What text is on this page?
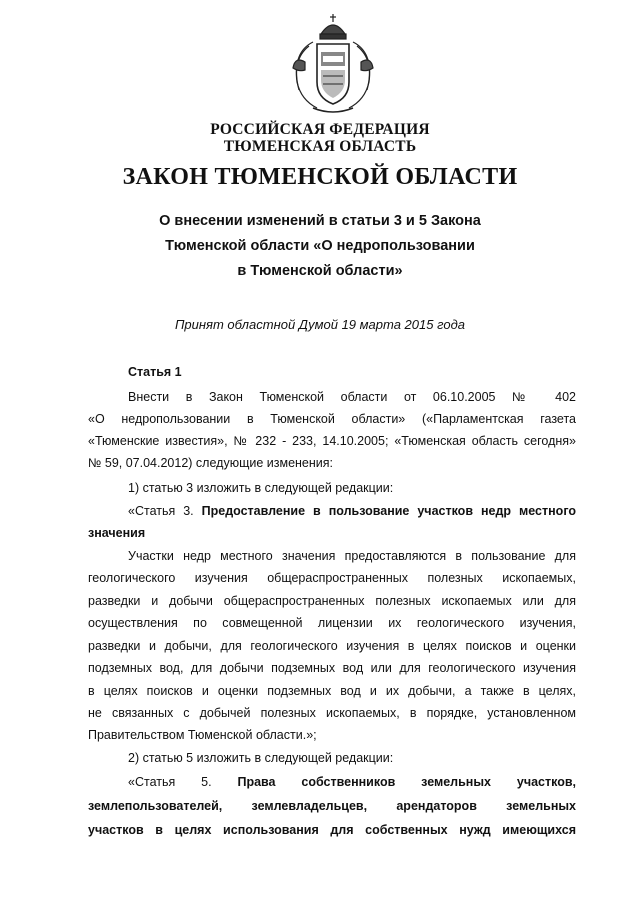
РОССИЙСКАЯ ФЕДЕРАЦИЯ
ТЮМЕНСКАЯ ОБЛАСТЬ
ЗАКОН ТЮМЕНСКОЙ ОБЛАСТИ
О внесении изменений в статьи 3 и 5 Закона
Тюменской области «О недропользовании
в Тюменской области»
Принят областной Думой 19 марта 2015 года
Статья 1
Внести в Закон Тюменской области от 06.10.2005 № 402
«О недропользовании в Тюменской области» («Парламентская газета
«Тюменские известия», № 232 - 233, 14.10.2005; «Тюменская область сегодня»
№ 59, 07.04.2012) следующие изменения:
1) статью 3 изложить в следующей редакции:
«Статья 3. Предоставление в пользование участков недр местного
значения
Участки недр местного значения предоставляются в пользование для
геологического изучения общераспространенных полезных ископаемых,
разведки и добычи общераспространенных полезных ископаемых или для
осуществления по совмещенной лицензии их геологического изучения,
разведки и добычи, для геологического изучения в целях поисков и оценки
подземных вод, для добычи подземных вод или для геологического изучения
в целях поисков и оценки подземных вод и их добычи, а также в целях,
не связанных с добычей полезных ископаемых, в порядке, установленном
Правительством Тюменской области.»;
2) статью 5 изложить в следующей редакции:
«Статья 5. Права собственников земельных участков,
землепользователей, землевладельцев, арендаторов земельных
участков в целях использования для собственных нужд имеющихся
